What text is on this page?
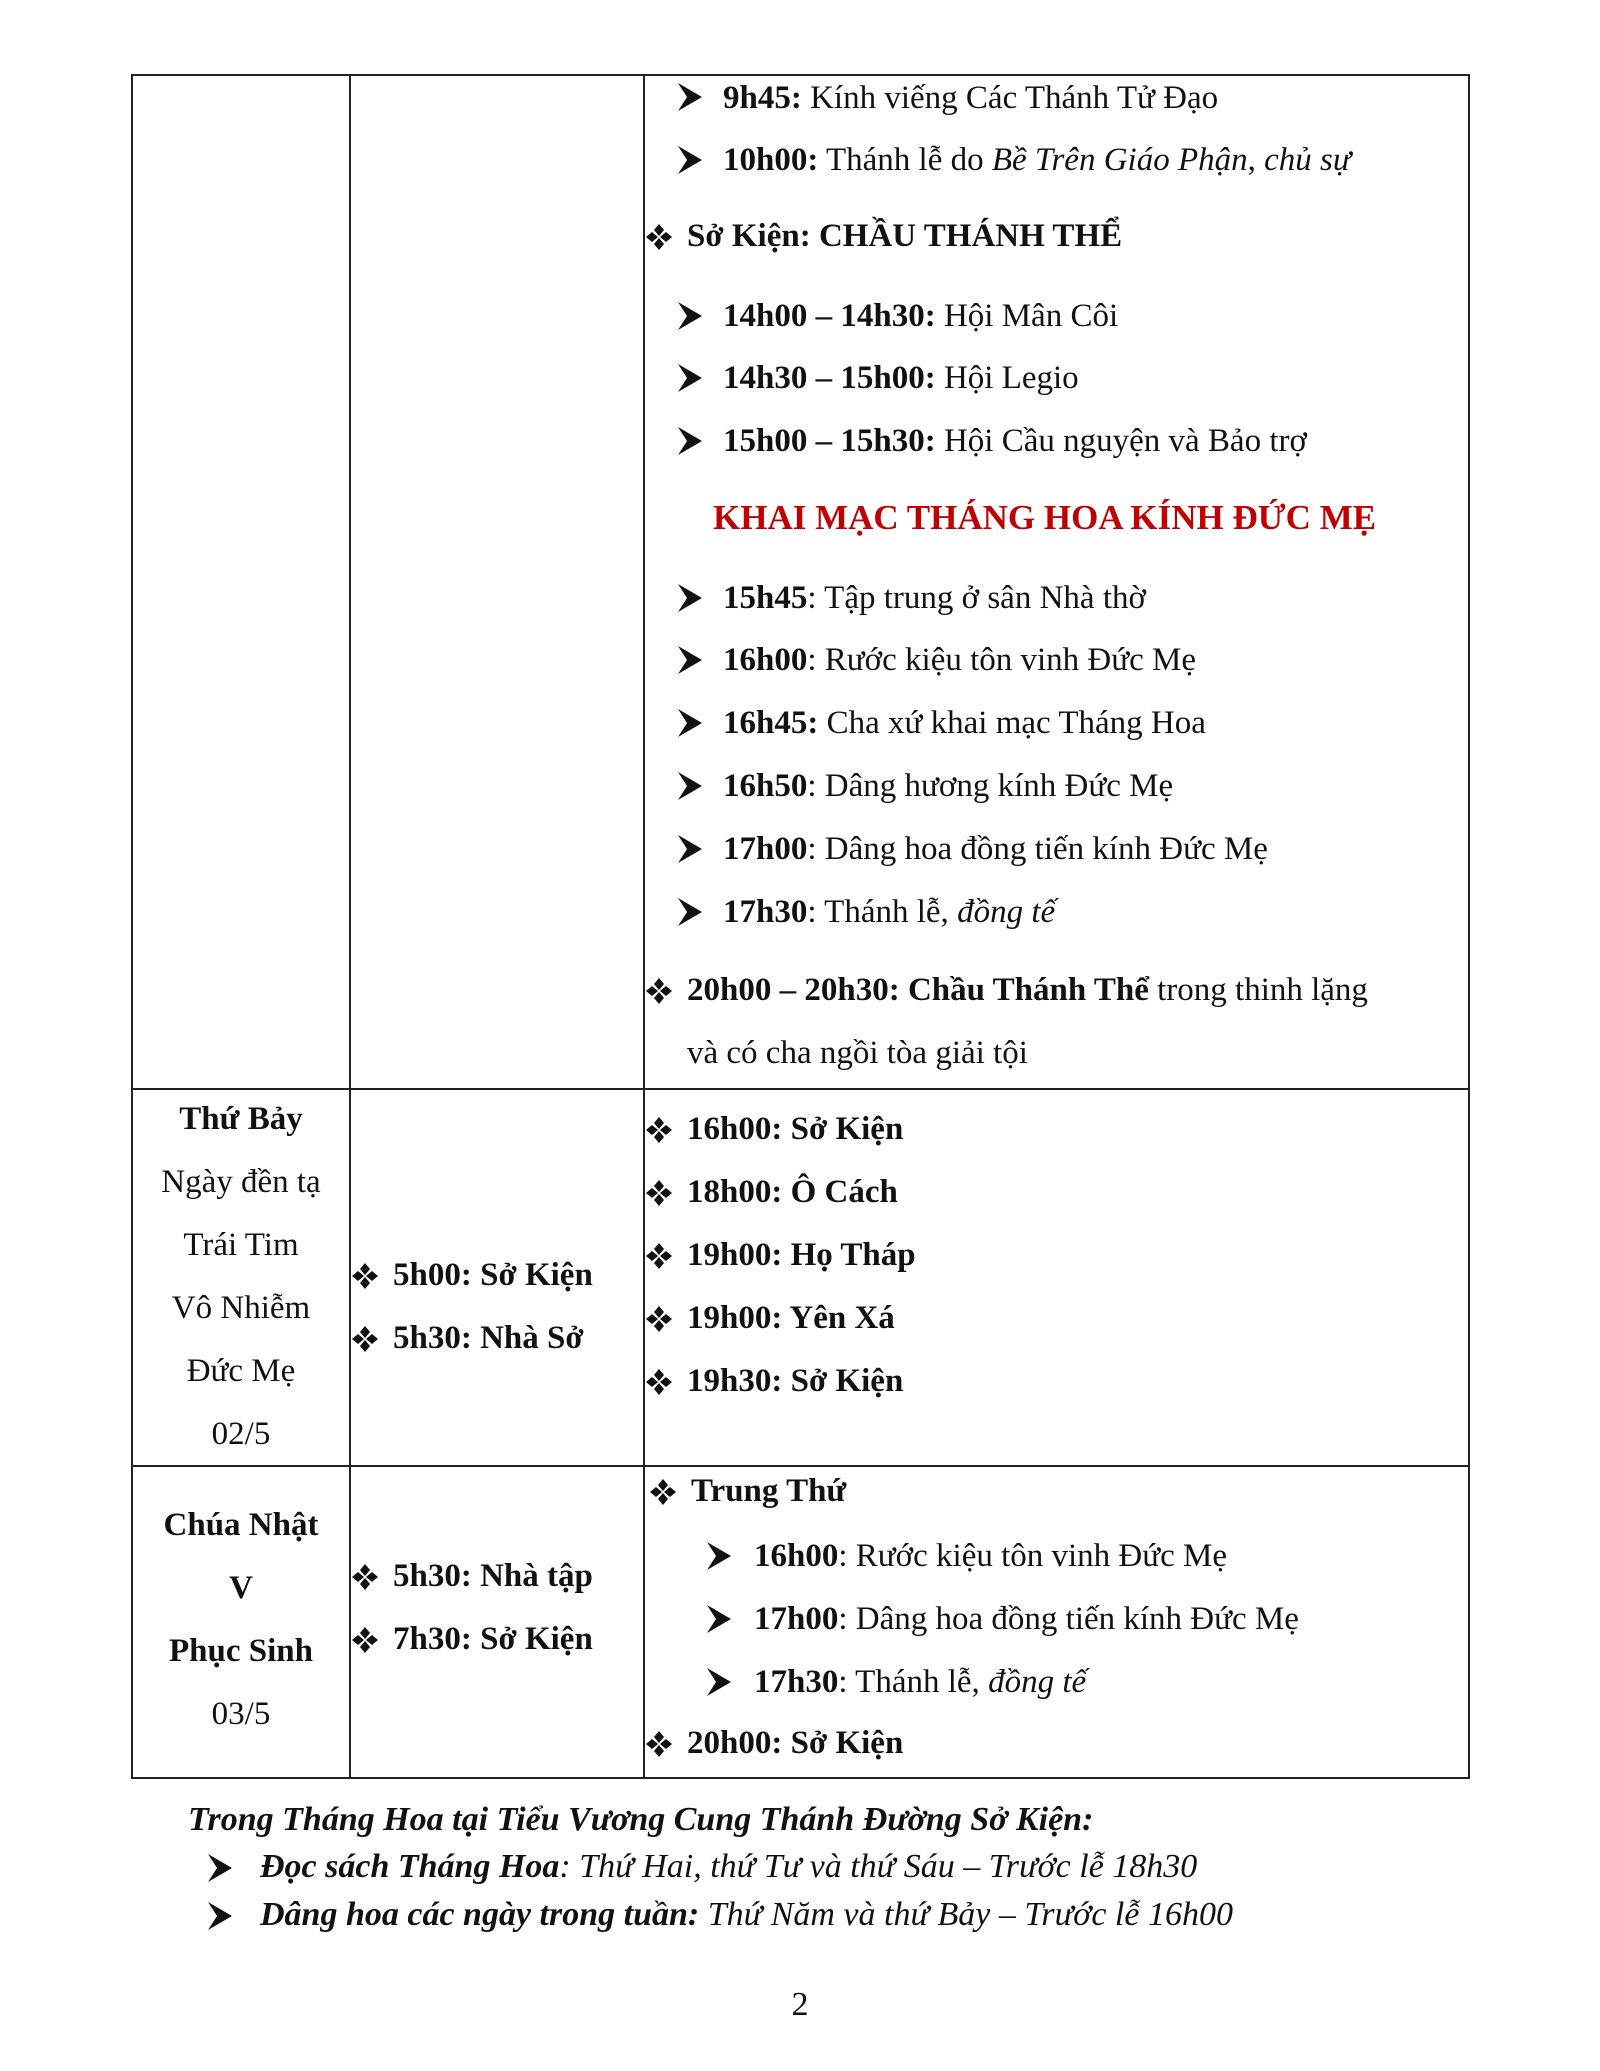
9h45: Kính viếng Các Thánh Tử Đạo
10h00: Thánh lễ do Bề Trên Giáo Phận, chủ sự
Sở Kiện: CHẦU THÁNH THỂ
14h00 – 14h30: Hội Mân Côi
14h30 – 15h00: Hội Legio
15h00 – 15h30: Hội Cầu nguyện và Bảo trợ
KHAI MẠC THÁNG HOA KÍNH ĐỨC MẸ
15h45: Tập trung ở sân Nhà thờ
16h00: Rước kiệu tôn vinh Đức Mẹ
16h45: Cha xứ khai mạc Tháng Hoa
16h50: Dâng hương kính Đức Mẹ
17h00: Dâng hoa đồng tiến kính Đức Mẹ
17h30: Thánh lễ, đồng tế
20h00 – 20h30: Chầu Thánh Thể trong thinh lặng
và có cha ngồi tòa giải tội
Thứ Bảy
Ngày đền tạ
Trái Tim
Vô Nhiễm
Đức Mẹ
02/5
5h00: Sở Kiện
5h30: Nhà Sở
16h00: Sở Kiện
18h00: Ô Cách
19h00: Họ Tháp
19h00: Yên Xá
19h30: Sở Kiện
Chúa Nhật
V
Phục Sinh
03/5
5h30: Nhà tập
7h30: Sở Kiện
Trung Thứ
16h00: Rước kiệu tôn vinh Đức Mẹ
17h00: Dâng hoa đồng tiến kính Đức Mẹ
17h30: Thánh lễ, đồng tế
20h00: Sở Kiện
Trong Tháng Hoa tại Tiểu Vương Cung Thánh Đường Sở Kiện:
Đọc sách Tháng Hoa: Thứ Hai, thứ Tư và thứ Sáu – Trước lễ 18h30
Dâng hoa các ngày trong tuần: Thứ Năm và thứ Bảy – Trước lễ 16h00
2
